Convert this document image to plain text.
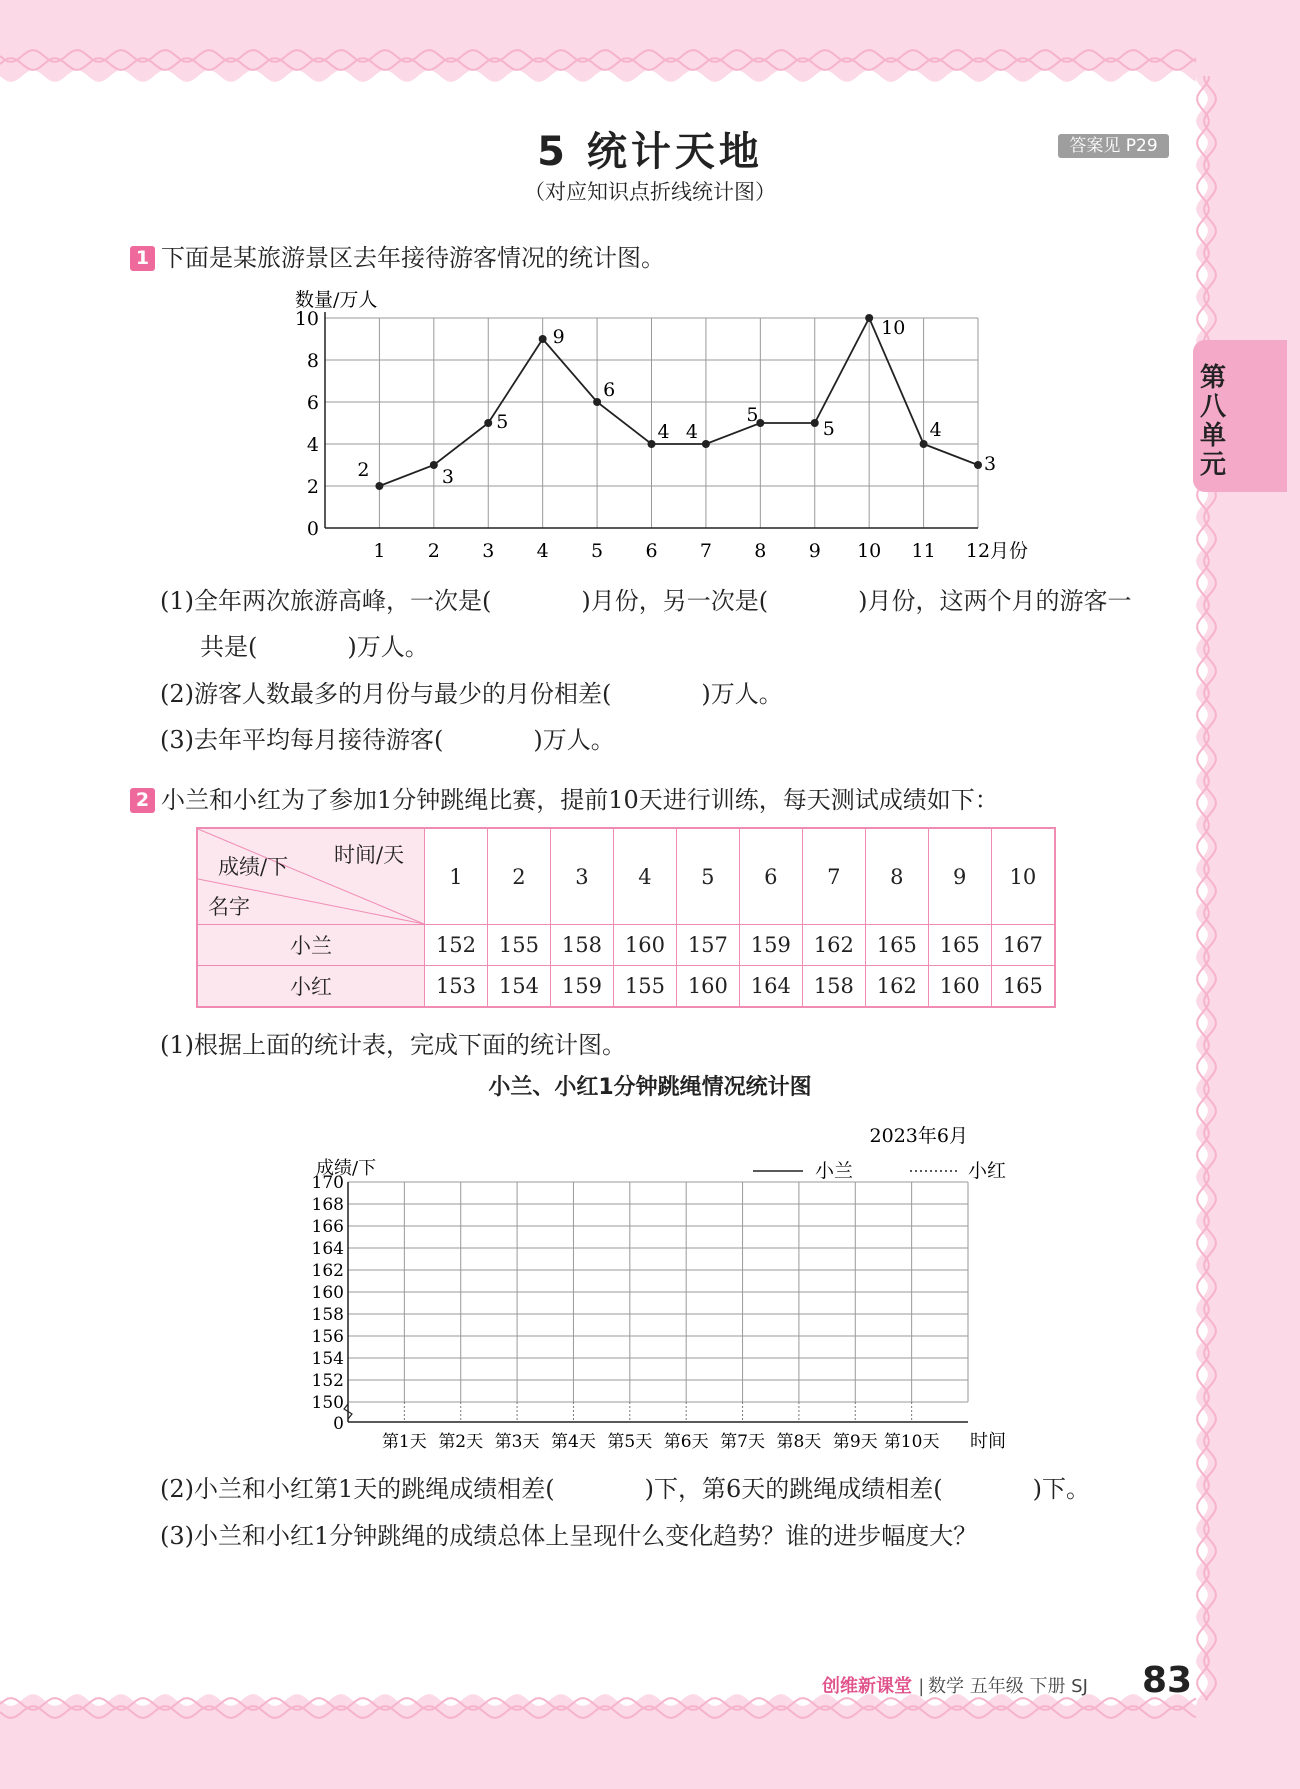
5 统计天地
（对应知识点折线统计图）
答案见 P29
第八单元
1 下面是某旅游景区去年接待游客情况的统计图。
0
2
4
6
8
10
1 2 3 4 5 6 7 8 9 10 11 12 月份
数量/万人
2	3
5
9
6
4 4
5
5
10
4
3
(1)全年两次旅游高峰，一次是(	)月份，另一次是(	)月份，这两个月的游客一
共是(	)万人。
(2)游客人数最多的月份与最少的月份相差(	)万人。
(3)去年平均每月接待游客(	)万人。
2 小兰和小红为了参加1分钟跳绳比赛，提前10天进行训练，每天测试成绩如下：
时间/天
成绩/下
名字	1	2	3	4	5	6	7	8	9	10
小兰	152	155	158	160	157	159	162	165	165	167
小红	153	154	159	155	160	164	158	162	160	165
(1)根据上面的统计表，完成下面的统计图。
小兰、小红1分钟跳绳情况统计图
0
150
152
154
156
158
160
162
164
166
168
170
第1天 第2天 第3天 第4天 第5天 第6天 第7天 第8天 第9天 第10天 时间
成绩/下
2023年6月
小兰	小红
(2)小兰和小红第1天的跳绳成绩相差(	)下，第6天的跳绳成绩相差(	)下。
(3)小兰和小红1分钟跳绳的成绩总体上呈现什么变化趋势？谁的进步幅度大？
创维新课堂 | 数学 五年级 下册 SJ 83
